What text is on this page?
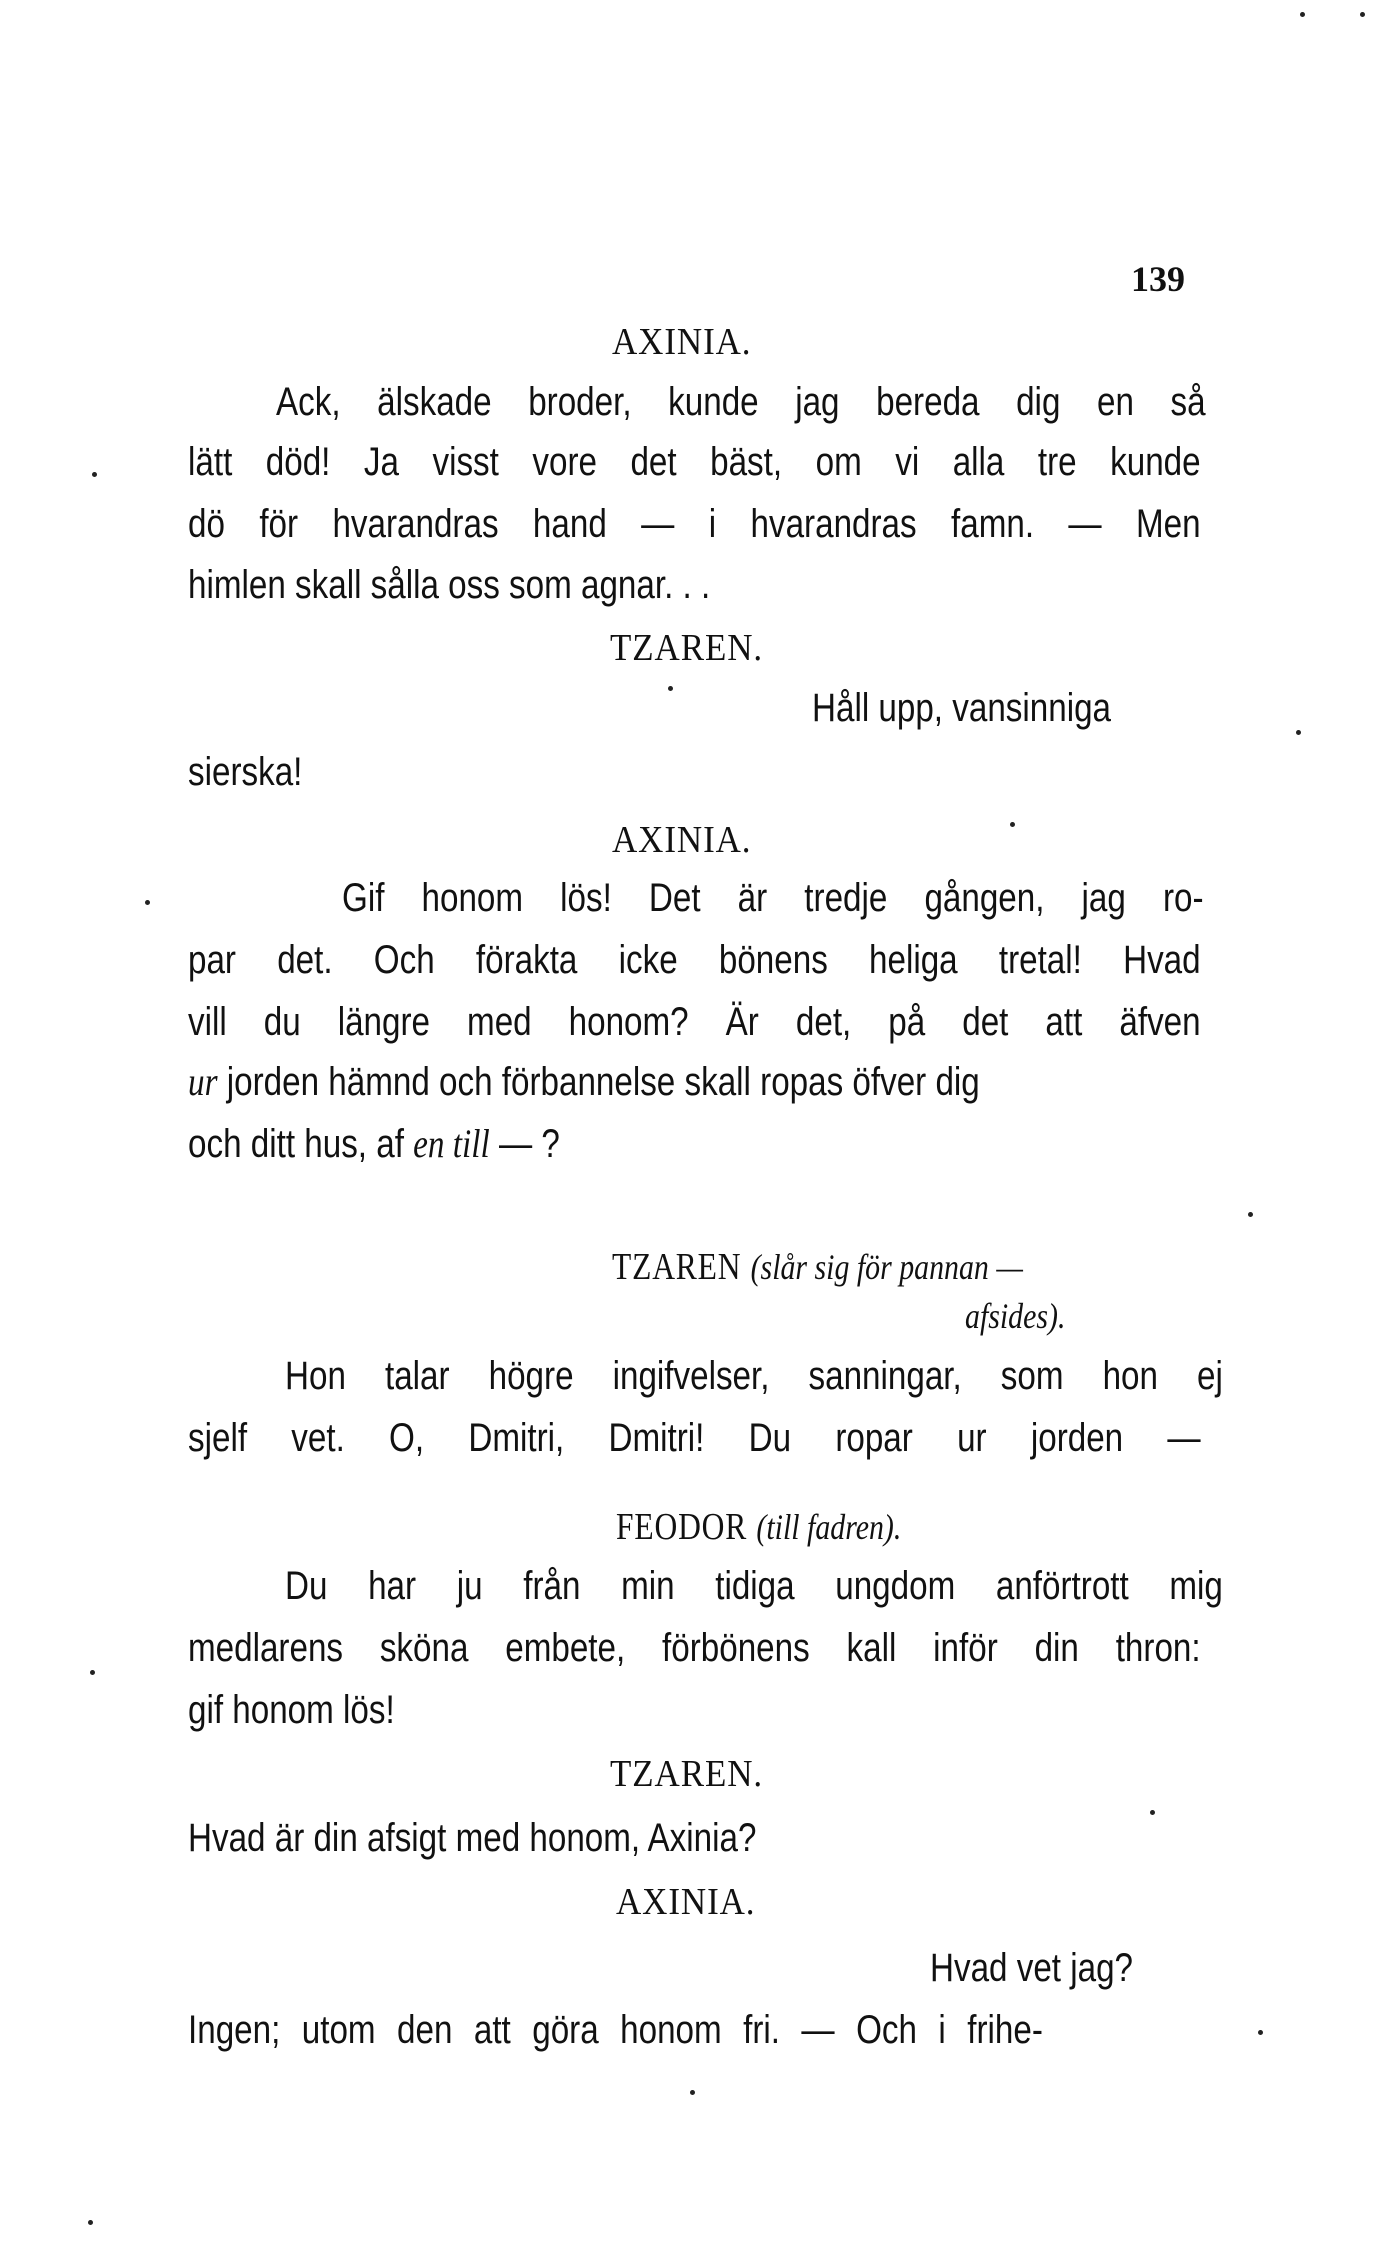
139
AXINIA.
Ack, älskade broder, kunde jag bereda dig en så
lätt död! Ja visst vore det bäst, om vi alla tre kunde
dö för hvarandras hand — i hvarandras famn. — Men
himlen skall sålla oss som agnar. . .
TZAREN.
Håll upp, vansinniga
sierska!
AXINIA.
Gif honom lös! Det är tredje gången, jag ro-
par det. Och förakta icke bönens heliga tretal! Hvad
vill du längre med honom? Är det, på det att äfven
ur jorden hämnd och förbannelse skall ropas öfver dig
och ditt hus, af en till — ?
TZAREN (slår sig för pannan —
afsides).
Hon talar högre ingifvelser, sanningar, som hon ej
sjelf vet. O, Dmitri, Dmitri! Du ropar ur jorden —
FEODOR (till fadren).
Du har ju från min tidiga ungdom anförtrott mig
medlarens sköna embete, förbönens kall inför din thron:
gif honom lös!
TZAREN.
Hvad är din afsigt med honom, Axinia?
AXINIA.
Hvad vet jag?
Ingen; utom den att göra honom fri. — Och i frihe-
